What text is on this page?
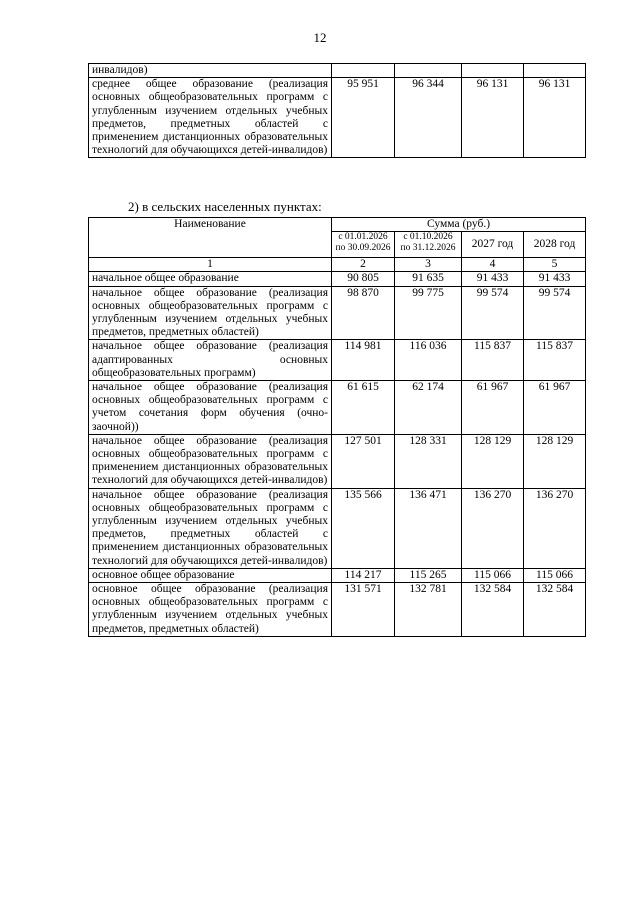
12
инвалидов)				
среднее общее образование (реализация основных общеобразовательных программ с углубленным изучением отдельных учебных предметов, предметных областей с применением дистанционных образовательных технологий для обучающихся детей-инвалидов)	95 951	96 344	96 131	96 131
2) в сельских населенных пунктах:
Наименование	Сумма (руб.)			
	с 01.01.2026 по 30.09.2026	с 01.10.2026 по 31.12.2026	2027 год	2028 год
1	2	3	4	5
начальное общее образование	90 805	91 635	91 433	91 433
начальное общее образование (реализация основных общеобразовательных программ с углубленным изучением отдельных учебных предметов, предметных областей)	98 870	99 775	99 574	99 574
начальное общее образование (реализация адаптированных основных общеобразовательных программ)	114 981	116 036	115 837	115 837
начальное общее образование (реализация основных общеобразовательных программ с учетом сочетания форм обучения (очно-заочной))	61 615	62 174	61 967	61 967
начальное общее образование (реализация основных общеобразовательных программ с применением дистанционных образовательных технологий для обучающихся детей-инвалидов)	127 501	128 331	128 129	128 129
начальное общее образование (реализация основных общеобразовательных программ с углубленным изучением отдельных учебных предметов, предметных областей с применением дистанционных образовательных технологий для обучающихся детей-инвалидов)	135 566	136 471	136 270	136 270
основное общее образование	114 217	115 265	115 066	115 066
основное общее образование (реализация основных общеобразовательных программ с углубленным изучением отдельных учебных предметов, предметных областей)	131 571	132 781	132 584	132 584
